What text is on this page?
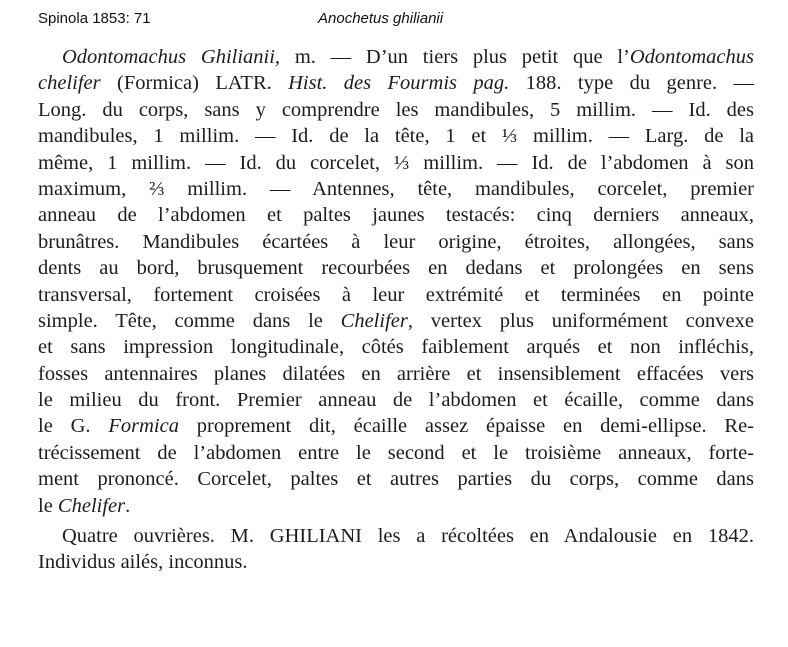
Spinola 1853: 71	Anochetus ghilianii
Odontomachus Ghilianii, m. — D’un tiers plus petit que l’Odontomachus
chelifer (Formica) LATR. Hist. des Fourmis pag. 188. type du genre. —
Long. du corps, sans y comprendre les mandibules, 5 millim. — Id. des
mandibules, 1 millim. — Id. de la tête, 1 et ⅓ millim. — Larg. de la
même, 1 millim. — Id. du corcelet, ⅓ millim. — Id. de l’abdomen à son
maximum, ⅔ millim. — Antennes, tête, mandibules, corcelet, premier
anneau de l’abdomen et paltes jaunes testacés: cinq derniers anneaux,
brunâtres. Mandibules écartées à leur origine, étroites, allongées, sans
dents au bord, brusquement recourbées en dedans et prolongées en sens
transversal, fortement croisées à leur extrémité et terminées en pointe
simple. Tête, comme dans le Chelifer, vertex plus uniformément convexe
et sans impression longitudinale, côtés faiblement arqués et non infléchis,
fosses antennaires planes dilatées en arrière et insensiblement effacées vers
le milieu du front. Premier anneau de l’abdomen et écaille, comme dans
le G. Formica proprement dit, écaille assez épaisse en demi-ellipse. Re-
trécissement de l’abdomen entre le second et le troisième anneaux, forte-
ment prononcé. Corcelet, paltes et autres parties du corps, comme dans
le Chelifer.
Quatre ouvrières. M. GHILIANI les a récoltées en Andalousie en 1842.
Individus ailés, inconnus.
